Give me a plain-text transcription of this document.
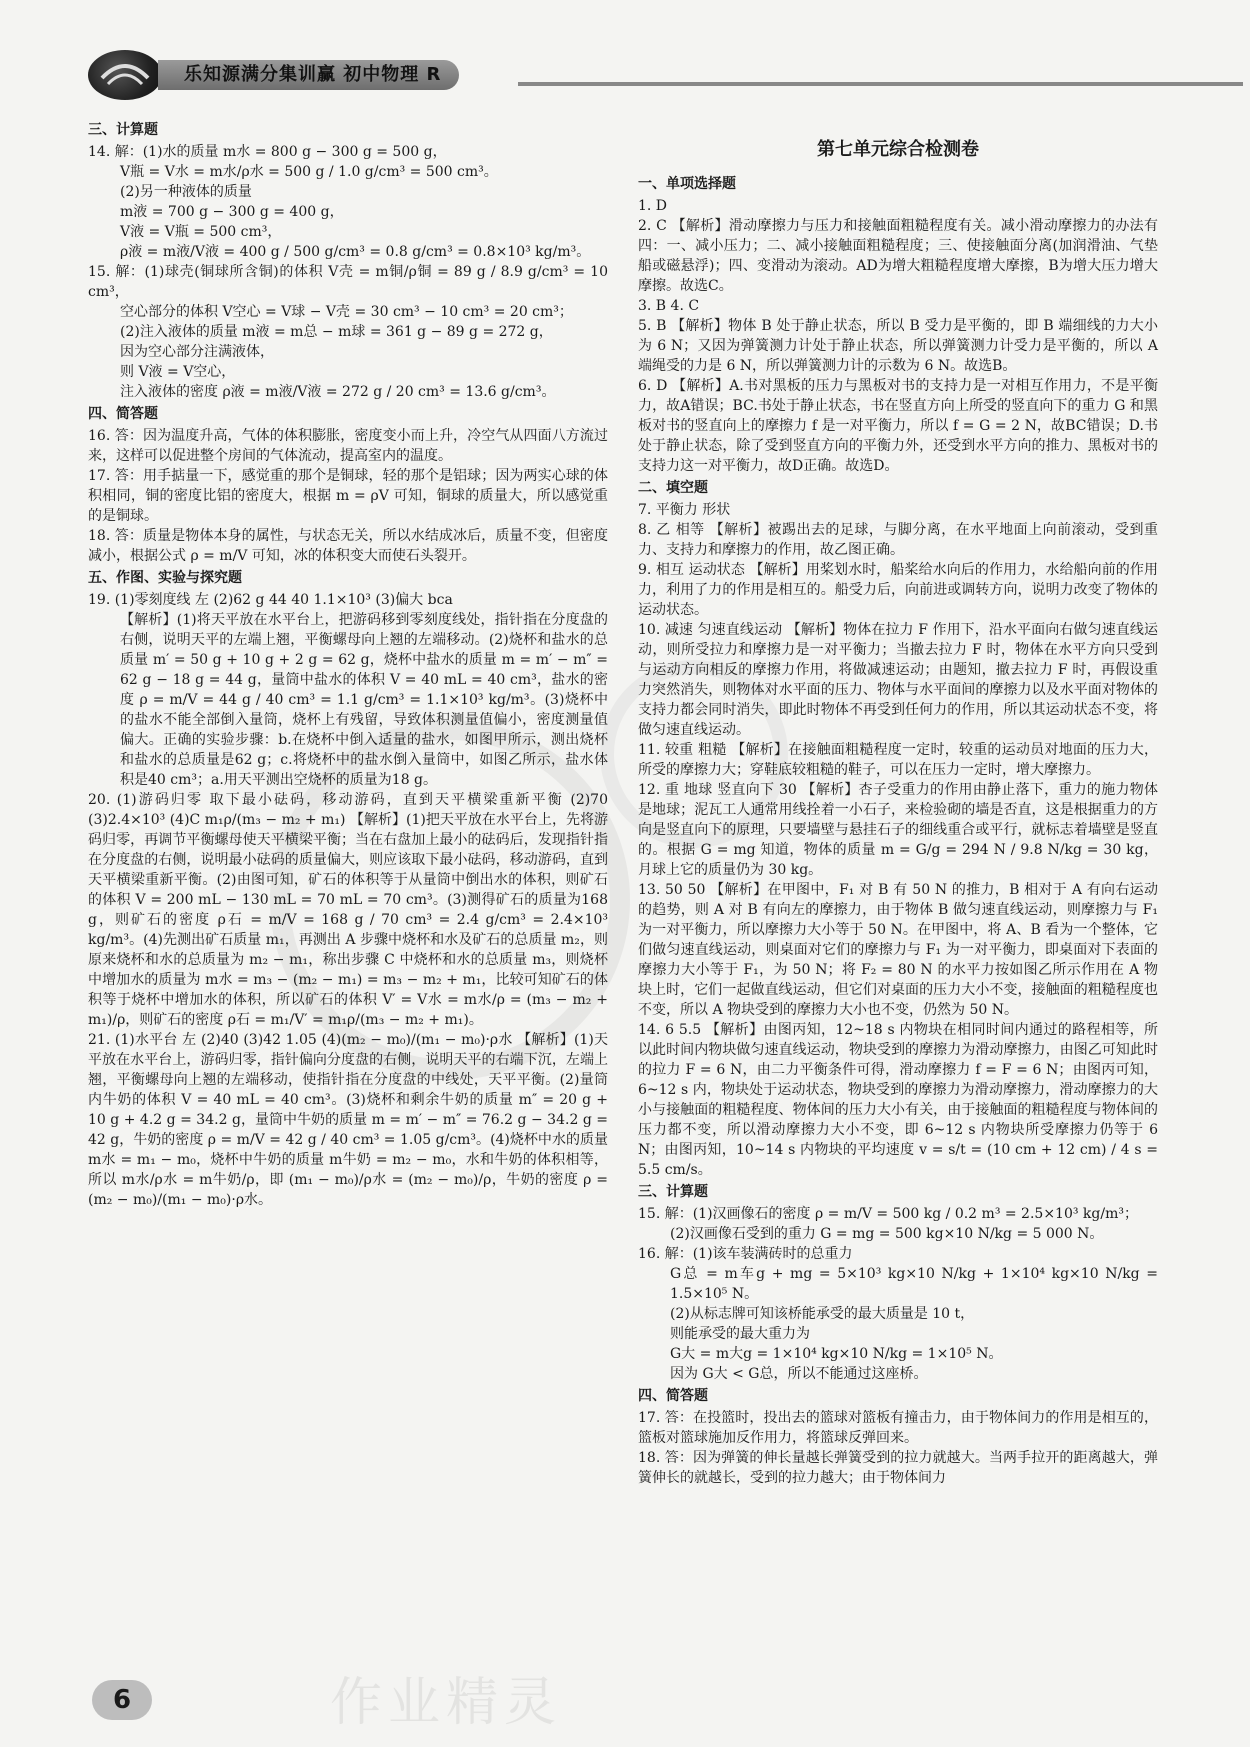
乐知源满分集训赢 初中物理 R
三、计算题

14. 解：(1)水的质量 m水 = 800 g − 300 g = 500 g，

V瓶 = V水 = m水/ρ水 = 500 g / 1.0 g/cm³ = 500 cm³。

(2)另一种液体的质量

m液 = 700 g − 300 g = 400 g，

V液 = V瓶 = 500 cm³，

ρ液 = m液/V液 = 400 g / 500 g/cm³ = 0.8 g/cm³ = 0.8×10³ kg/m³。

15. 解：(1)球壳(铜球所含铜)的体积 V壳 = m铜/ρ铜 = 89 g / 8.9 g/cm³ = 10 cm³，

空心部分的体积 V空心 = V球 − V壳 = 30 cm³ − 10 cm³ = 20 cm³；

(2)注入液体的质量 m液 = m总 − m球 = 361 g − 89 g = 272 g，

因为空心部分注满液体，

则 V液 = V空心，

注入液体的密度 ρ液 = m液/V液 = 272 g / 20 cm³ = 13.6 g/cm³。

四、简答题

16. 答：因为温度升高，气体的体积膨胀，密度变小而上升，冷空气从四面八方流过来，这样可以促进整个房间的气体流动，提高室内的温度。

17. 答：用手掂量一下，感觉重的那个是铜球，轻的那个是铝球；因为两实心球的体积相同，铜的密度比铝的密度大，根据 m = ρV 可知，铜球的质量大，所以感觉重的是铜球。

18. 答：质量是物体本身的属性，与状态无关，所以水结成冰后，质量不变，但密度减小，根据公式 ρ = m/V 可知，冰的体积变大而使石头裂开。

五、作图、实验与探究题

19. (1)零刻度线 左 (2)62 g 44 40 1.1×10³ (3)偏大 bca

【解析】(1)将天平放在水平台上，把游码移到零刻度线处，指针指在分度盘的右侧，说明天平的左端上翘，平衡螺母向上翘的左端移动。(2)烧杯和盐水的总质量 m′ = 50 g + 10 g + 2 g = 62 g，烧杯中盐水的质量 m = m′ − m″ = 62 g − 18 g = 44 g，量筒中盐水的体积 V = 40 mL = 40 cm³，盐水的密度 ρ = m/V = 44 g / 40 cm³ = 1.1 g/cm³ = 1.1×10³ kg/m³。(3)烧杯中的盐水不能全部倒入量筒，烧杯上有残留，导致体积测量值偏小，密度测量值偏大。正确的实验步骤：b.在烧杯中倒入适量的盐水，如图甲所示，测出烧杯和盐水的总质量是62 g；c.将烧杯中的盐水倒入量筒中，如图乙所示，盐水体积是40 cm³；a.用天平测出空烧杯的质量为18 g。

20. (1)游码归零 取下最小砝码，移动游码，直到天平横梁重新平衡 (2)70 (3)2.4×10³ (4)C m₁ρ/(m₃ − m₂ + m₁) 【解析】(1)把天平放在水平台上，先将游码归零，再调节平衡螺母使天平横梁平衡；当在右盘加上最小的砝码后，发现指针指在分度盘的右侧，说明最小砝码的质量偏大，则应该取下最小砝码，移动游码，直到天平横梁重新平衡。(2)由图可知，矿石的体积等于从量筒中倒出水的体积，则矿石的体积 V = 200 mL − 130 mL = 70 mL = 70 cm³。(3)测得矿石的质量为168 g，则矿石的密度 ρ石 = m/V = 168 g / 70 cm³ = 2.4 g/cm³ = 2.4×10³ kg/m³。(4)先测出矿石质量 m₁，再测出 A 步骤中烧杯和水及矿石的总质量 m₂，则原来烧杯和水的总质量为 m₂ − m₁，称出步骤 C 中烧杯和水的总质量 m₃，则烧杯中增加水的质量为 m水 = m₃ − (m₂ − m₁) = m₃ − m₂ + m₁，比较可知矿石的体积等于烧杯中增加水的体积，所以矿石的体积 V′ = V水 = m水/ρ = (m₃ − m₂ + m₁)/ρ，则矿石的密度 ρ石 = m₁/V′ = m₁ρ/(m₃ − m₂ + m₁)。

21. (1)水平台 左 (2)40 (3)42 1.05 (4)(m₂ − m₀)/(m₁ − m₀)·ρ水 【解析】(1)天平放在水平台上，游码归零，指针偏向分度盘的右侧，说明天平的右端下沉，左端上翘，平衡螺母向上翘的左端移动，使指针指在分度盘的中线处，天平平衡。(2)量筒内牛奶的体积 V = 40 mL = 40 cm³。(3)烧杯和剩余牛奶的质量 m″ = 20 g + 10 g + 4.2 g = 34.2 g，量筒中牛奶的质量 m = m′ − m″ = 76.2 g − 34.2 g = 42 g，牛奶的密度 ρ = m/V = 42 g / 40 cm³ = 1.05 g/cm³。(4)烧杯中水的质量 m水 = m₁ − m₀，烧杯中牛奶的质量 m牛奶 = m₂ − m₀，水和牛奶的体积相等，所以 m水/ρ水 = m牛奶/ρ，即 (m₁ − m₀)/ρ水 = (m₂ − m₀)/ρ，牛奶的密度 ρ = (m₂ − m₀)/(m₁ − m₀)·ρ水。

第七单元综合检测卷
一、单项选择题

1. D

2. C 【解析】滑动摩擦力与压力和接触面粗糙程度有关。减小滑动摩擦力的办法有四：一、减小压力；二、减小接触面粗糙程度；三、使接触面分离(加润滑油、气垫船或磁悬浮)；四、变滑动为滚动。AD为增大粗糙程度增大摩擦，B为增大压力增大摩擦。故选C。

3. B 4. C

5. B 【解析】物体 B 处于静止状态，所以 B 受力是平衡的，即 B 端细线的力大小为 6 N；又因为弹簧测力计处于静止状态，所以弹簧测力计受力是平衡的，所以 A 端绳受的力是 6 N，所以弹簧测力计的示数为 6 N。故选B。

6. D 【解析】A.书对黑板的压力与黑板对书的支持力是一对相互作用力，不是平衡力，故A错误；BC.书处于静止状态，书在竖直方向上所受的竖直向下的重力 G 和黑板对书的竖直向上的摩擦力 f 是一对平衡力，所以 f = G = 2 N，故BC错误；D.书处于静止状态，除了受到竖直方向的平衡力外，还受到水平方向的推力、黑板对书的支持力这一对平衡力，故D正确。故选D。

二、填空题

7. 平衡力 形状

8. 乙 相等 【解析】被踢出去的足球，与脚分离，在水平地面上向前滚动，受到重力、支持力和摩擦力的作用，故乙图正确。

9. 相互 运动状态 【解析】用桨划水时，船桨给水向后的作用力，水给船向前的作用力，利用了力的作用是相互的。船受力后，向前进或调转方向，说明力改变了物体的运动状态。

10. 减速 匀速直线运动 【解析】物体在拉力 F 作用下，沿水平面向右做匀速直线运动，则所受拉力和摩擦力是一对平衡力；当撤去拉力 F 时，物体在水平方向只受到与运动方向相反的摩擦力作用，将做减速运动；由题知，撤去拉力 F 时，再假设重力突然消失，则物体对水平面的压力、物体与水平面间的摩擦力以及水平面对物体的支持力都会同时消失，即此时物体不再受到任何力的作用，所以其运动状态不变，将做匀速直线运动。

11. 较重 粗糙 【解析】在接触面粗糙程度一定时，较重的运动员对地面的压力大，所受的摩擦力大；穿鞋底较粗糙的鞋子，可以在压力一定时，增大摩擦力。

12. 重 地球 竖直向下 30 【解析】杏子受重力的作用由静止落下，重力的施力物体是地球；泥瓦工人通常用线拴着一小石子，来检验砌的墙是否直，这是根据重力的方向是竖直向下的原理，只要墙壁与悬挂石子的细线重合或平行，就标志着墙壁是竖直的。根据 G = mg 知道，物体的质量 m = G/g = 294 N / 9.8 N/kg = 30 kg，月球上它的质量仍为 30 kg。

13. 50 50 【解析】在甲图中，F₁ 对 B 有 50 N 的推力，B 相对于 A 有向右运动的趋势，则 A 对 B 有向左的摩擦力，由于物体 B 做匀速直线运动，则摩擦力与 F₁ 为一对平衡力，所以摩擦力大小等于 50 N。在甲图中，将 A、B 看为一个整体，它们做匀速直线运动，则桌面对它们的摩擦力与 F₁ 为一对平衡力，即桌面对下表面的摩擦力大小等于 F₁，为 50 N；将 F₂ = 80 N 的水平力按如图乙所示作用在 A 物块上时，它们一起做直线运动，但它们对桌面的压力大小不变，接触面的粗糙程度也不变，所以 A 物块受到的摩擦力大小也不变，仍然为 50 N。

14. 6 5.5 【解析】由图丙知，12~18 s 内物块在相同时间内通过的路程相等，所以此时间内物块做匀速直线运动，物块受到的摩擦力为滑动摩擦力，由图乙可知此时的拉力 F = 6 N，由二力平衡条件可得，滑动摩擦力 f = F = 6 N；由图丙可知，6~12 s 内，物块处于运动状态，物块受到的摩擦力为滑动摩擦力，滑动摩擦力的大小与接触面的粗糙程度、物体间的压力大小有关，由于接触面的粗糙程度与物体间的压力都不变，所以滑动摩擦力大小不变，即 6~12 s 内物块所受摩擦力仍等于 6 N；由图丙知，10~14 s 内物块的平均速度 v = s/t = (10 cm + 12 cm) / 4 s = 5.5 cm/s。

三、计算题

15. 解：(1)汉画像石的密度 ρ = m/V = 500 kg / 0.2 m³ = 2.5×10³ kg/m³；

(2)汉画像石受到的重力 G = mg = 500 kg×10 N/kg = 5 000 N。

16. 解：(1)该车装满砖时的总重力

G总 = m车g + mg = 5×10³ kg×10 N/kg + 1×10⁴ kg×10 N/kg = 1.5×10⁵ N。

(2)从标志牌可知该桥能承受的最大质量是 10 t，

则能承受的最大重力为

G大 = m大g = 1×10⁴ kg×10 N/kg = 1×10⁵ N。

因为 G大 < G总，所以不能通过这座桥。

四、简答题

17. 答：在投篮时，投出去的篮球对篮板有撞击力，由于物体间力的作用是相互的，篮板对篮球施加反作用力，将篮球反弹回来。

18. 答：因为弹簧的伸长量越长弹簧受到的拉力就越大。当两手拉开的距离越大，弹簧伸长的就越长，受到的拉力越大；由于物体间力

作业精灵
6
